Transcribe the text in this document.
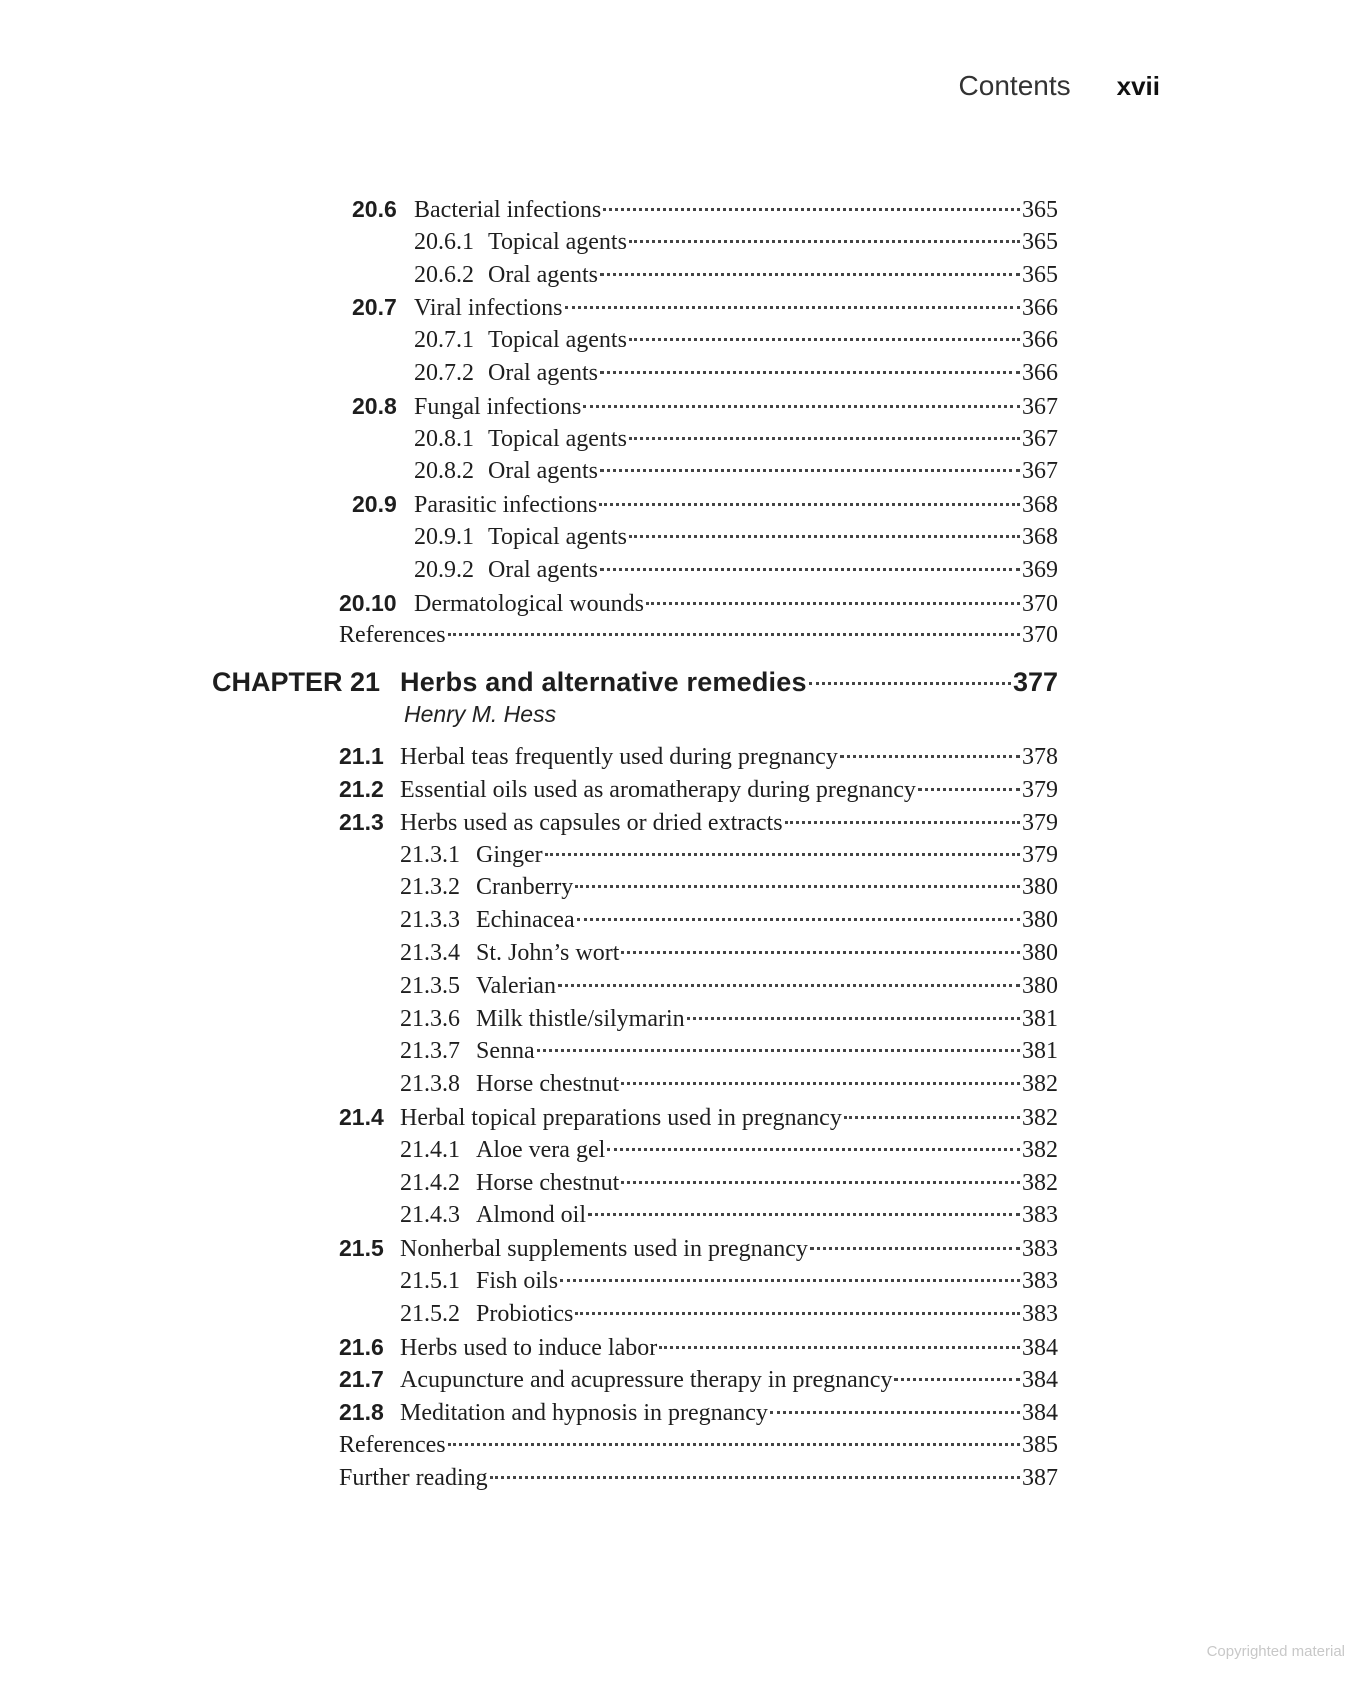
Contents xvii
20.6 Bacterial infections	365
20.6.1 Topical agents	365
20.6.2 Oral agents	365
20.7 Viral infections	366
20.7.1 Topical agents	366
20.7.2 Oral agents	366
20.8 Fungal infections	367
20.8.1 Topical agents	367
20.8.2 Oral agents	367
20.9 Parasitic infections	368
20.9.1 Topical agents	368
20.9.2 Oral agents	369
20.10 Dermatological wounds	370
References	370
CHAPTER 21 Herbs and alternative remedies	377
Henry M. Hess
21.1 Herbal teas frequently used during pregnancy	378
21.2 Essential oils used as aromatherapy during pregnancy	379
21.3 Herbs used as capsules or dried extracts	379
21.3.1 Ginger	379
21.3.2 Cranberry	380
21.3.3 Echinacea	380
21.3.4 St. John’s wort	380
21.3.5 Valerian	380
21.3.6 Milk thistle/silymarin	381
21.3.7 Senna	381
21.3.8 Horse chestnut	382
21.4 Herbal topical preparations used in pregnancy	382
21.4.1 Aloe vera gel	382
21.4.2 Horse chestnut	382
21.4.3 Almond oil	383
21.5 Nonherbal supplements used in pregnancy	383
21.5.1 Fish oils	383
21.5.2 Probiotics	383
21.6 Herbs used to induce labor	384
21.7 Acupuncture and acupressure therapy in pregnancy	384
21.8 Meditation and hypnosis in pregnancy	384
References	385
Further reading	387
Copyrighted material
